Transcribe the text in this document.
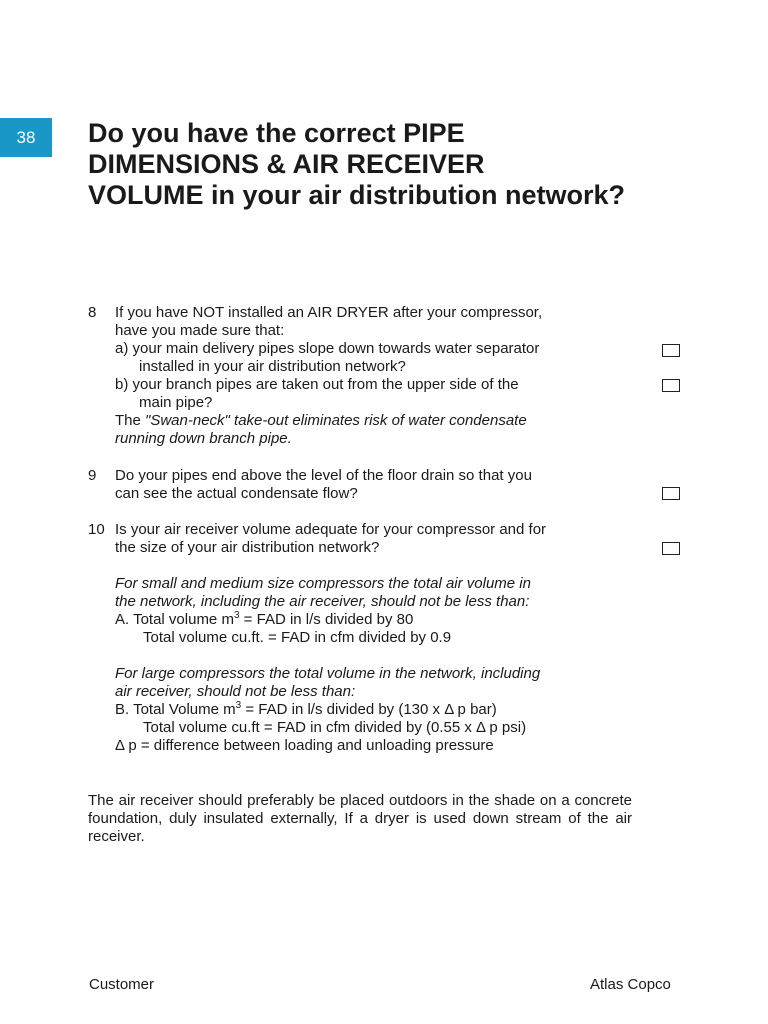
38	Do you have the correct PIPE
DIMENSIONS & AIR RECEIVER
VOLUME in your air distribution network?
8	If you have NOT installed an AIR DRYER after your compressor,
have you made sure that:
a) your main delivery pipes slope down towards water separator
installed in your air distribution network?
b) your branch pipes are taken out from the upper side of the
main pipe?
The "Swan-neck" take-out eliminates risk of water condensate
running down branch pipe.
9	Do your pipes end above the level of the floor drain so that you
can see the actual condensate flow?
10 Is your air receiver volume adequate for your compressor and for
the size of your air distribution network?
For small and medium size compressors the total air volume in
the network, including the air receiver, should not be less than:
A. Total volume $m^3$ = FAD in l/s divided by 80
Total volume cu.ft. = FAD in cfm divided by 0.9
For large compressors the total volume in the network, including
air receiver, should not be less than:
B. Total Volume $m^3$ = FAD in l/s divided by (130 x Δ p bar)
Total volume cu.ft = FAD in cfm divided by (0.55 x Δ p psi)
Δ p = difference between loading and unloading pressure

The air receiver should preferably be placed outdoors in the shade on a concrete foundation, duly insulated externally, If a dryer is used down stream of the air receiver.

Customer	Atlas Copco
